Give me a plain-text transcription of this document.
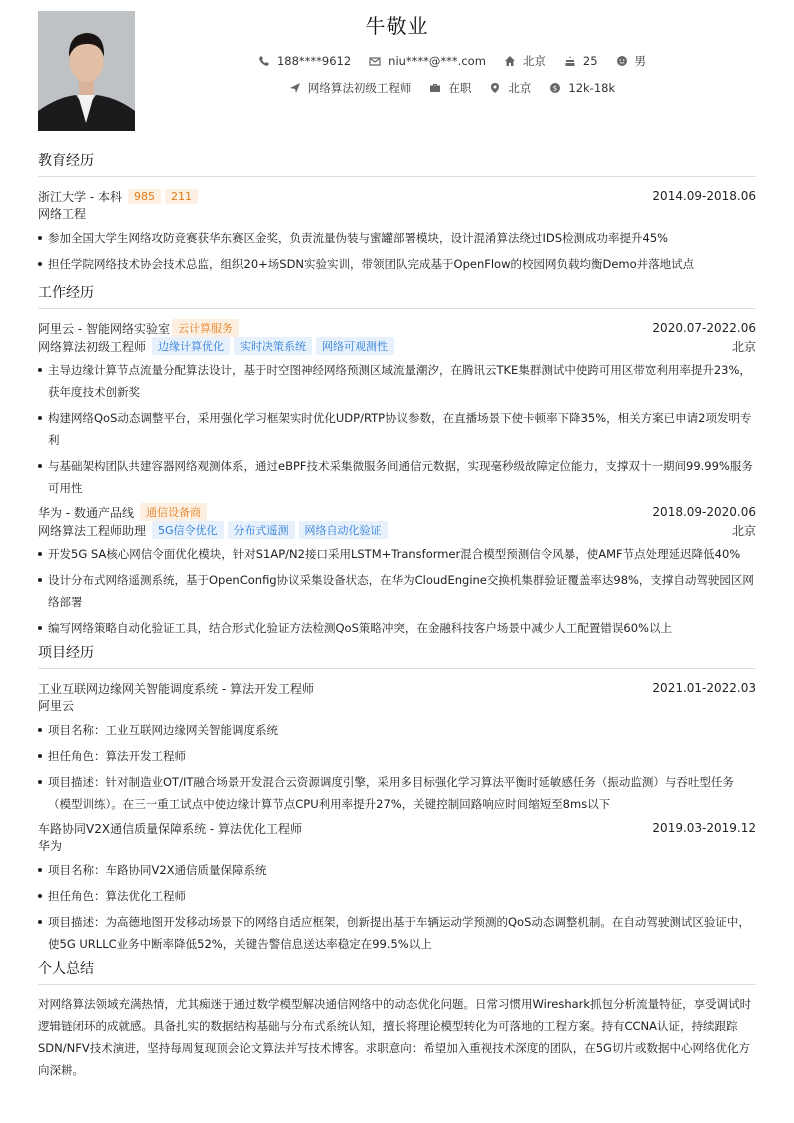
牛敬业
188****9612	niu****@***.com	北京	25	男
网络算法初级工程师	在职	北京	$ 12k-18k
教育经历
浙江大学 - 本科	985	211	2014.09-2018.06
网络工程
参加全国大学生网络攻防竞赛获华东赛区金奖，负责流量伪装与蜜罐部署模块，设计混淆算法绕过IDS检测成功率提升45%
担任学院网络技术协会技术总监，组织20+场SDN实验实训，带领团队完成基于OpenFlow的校园网负载均衡Demo并落地试点
工作经历
阿里云 - 智能网络实验室 云计算服务	2020.07-2022.06
网络算法初级工程师	边缘计算优化	实时决策系统	网络可观测性	北京
主导边缘计算节点流量分配算法设计，基于时空图神经网络预测区域流量潮汐，在腾讯云TKE集群测试中使跨可用区带宽利用率提升23%，获年度技术创新奖
构建网络QoS动态调整平台，采用强化学习框架实时优化UDP/RTP协议参数，在直播场景下使卡顿率下降35%，相关方案已申请2项发明专利
与基础架构团队共建容器网络观测体系，通过eBPF技术采集微服务间通信元数据，实现毫秒级故障定位能力，支撑双十一期间99.99%服务可用性
华为 - 数通产品线	通信设备商	2018.09-2020.06
网络算法工程师助理	5G信令优化	分布式遥测	网络自动化验证	北京
开发5G SA核心网信令面优化模块，针对S1AP/N2接口采用LSTM+Transformer混合模型预测信令风暴，使AMF节点处理延迟降低40%
设计分布式网络遥测系统，基于OpenConfig协议采集设备状态，在华为CloudEngine交换机集群验证覆盖率达98%，支撑自动驾驶园区网络部署
编写网络策略自动化验证工具，结合形式化验证方法检测QoS策略冲突，在金融科技客户场景中减少人工配置错误60%以上
项目经历
工业互联网边缘网关智能调度系统 - 算法开发工程师	2021.01-2022.03
阿里云
项目名称：工业互联网边缘网关智能调度系统
担任角色：算法开发工程师
项目描述：针对制造业OT/IT融合场景开发混合云资源调度引擎，采用多目标强化学习算法平衡时延敏感任务（振动监测）与吞吐型任务（模型训练）。在三一重工试点中使边缘计算节点CPU利用率提升27%，关键控制回路响应时间缩短至8ms以下
车路协同V2X通信质量保障系统 - 算法优化工程师	2019.03-2019.12
华为
项目名称：车路协同V2X通信质量保障系统
担任角色：算法优化工程师
项目描述：为高德地图开发移动场景下的网络自适应框架，创新提出基于车辆运动学预测的QoS动态调整机制。在自动驾驶测试区验证中，使5G URLLC业务中断率降低52%，关键告警信息送达率稳定在99.5%以上
个人总结
对网络算法领域充满热情，尤其痴迷于通过数学模型解决通信网络中的动态优化问题。日常习惯用Wireshark抓包分析流量特征，享受调试时逻辑链闭环的成就感。具备扎实的数据结构基础与分布式系统认知，擅长将理论模型转化为可落地的工程方案。持有CCNA认证，持续跟踪SDN/NFV技术演进，坚持每周复现顶会论文算法并写技术博客。求职意向：希望加入重视技术深度的团队，在5G切片或数据中心网络优化方向深耕。
